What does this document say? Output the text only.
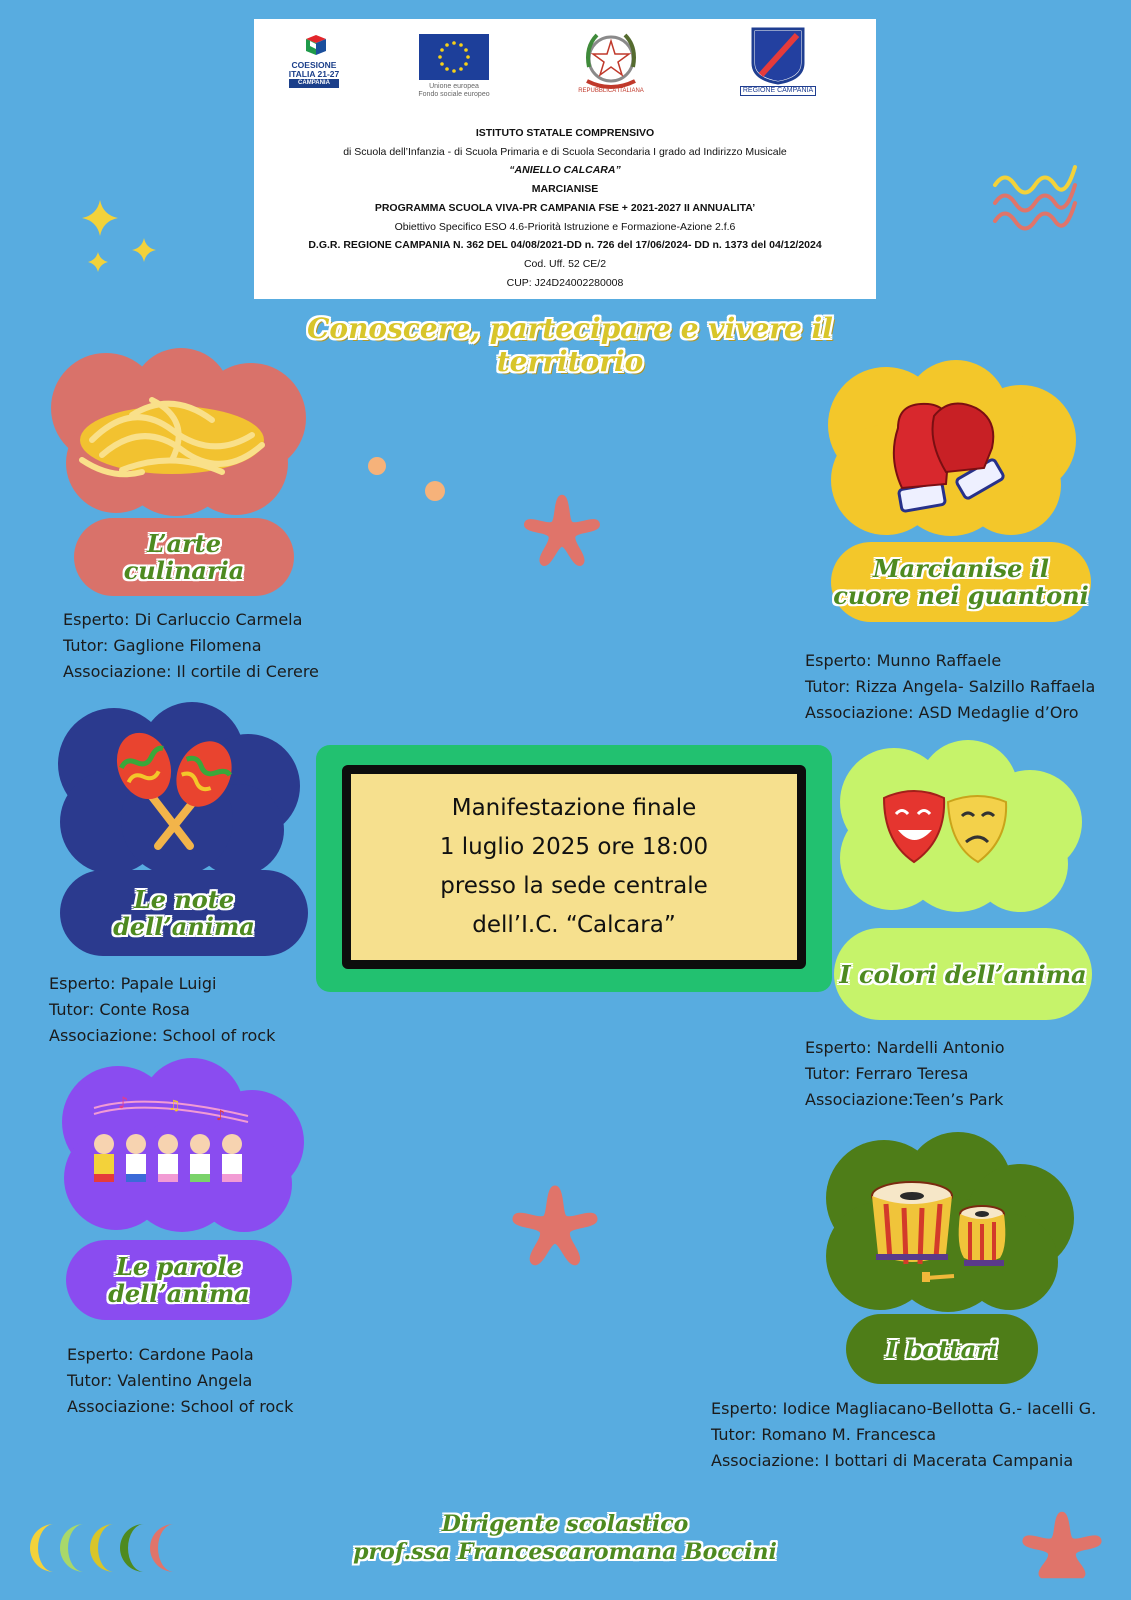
COESIONE
ITALIA 21-27
CAMPANIA	Unione europea
Fondo sociale europeo	REPUBBLICA ITALIANA	REGIONE CAMPANIA
ISTITUTO STATALE COMPRENSIVO
di Scuola dell’Infanzia - di Scuola Primaria e di Scuola Secondaria I grado ad Indirizzo Musicale
“ANIELLO CALCARA”
MARCIANISE
PROGRAMMA SCUOLA VIVA-PR CAMPANIA FSE + 2021-2027 II ANNUALITA’
Obiettivo Specifico ESO 4.6-Priorità Istruzione e Formazione-Azione 2.f.6
D.G.R. REGIONE CAMPANIA N. 362 DEL 04/08/2021-DD n. 726 del 17/06/2024- DD n. 1373 del 04/12/2024
Cod. Uff. 52 CE/2
CUP: J24D24002280008
Conoscere, partecipare e vivere il territorio
L’arte
culinaria
Esperto: Di Carluccio Carmela
Tutor: Gaglione Filomena
Associazione: Il cortile di Cerere
Marcianise il
cuore nei guantoni
Esperto: Munno Raffaele
Tutor: Rizza Angela- Salzillo Raffaela
Associazione: ASD Medaglie d’Oro
Le note
dell’anima
Esperto: Papale Luigi
Tutor: Conte Rosa
Associazione: School of rock
I colori dell’anima
Esperto: Nardelli Antonio
Tutor: Ferraro Teresa
Associazione:Teen’s Park
♪	♫
♪
Le parole
dell’anima
Esperto: Cardone Paola
Tutor: Valentino Angela
Associazione: School of rock
I bottari
Esperto: Iodice Magliacano-Bellotta G.- Iacelli G.
Tutor: Romano M. Francesca
Associazione: I bottari di Macerata Campania
Manifestazione finale
1 luglio 2025 ore 18:00
presso la sede centrale
dell’I.C. “Calcara”
Dirigente scolastico
prof.ssa Francescaromana Boccini
